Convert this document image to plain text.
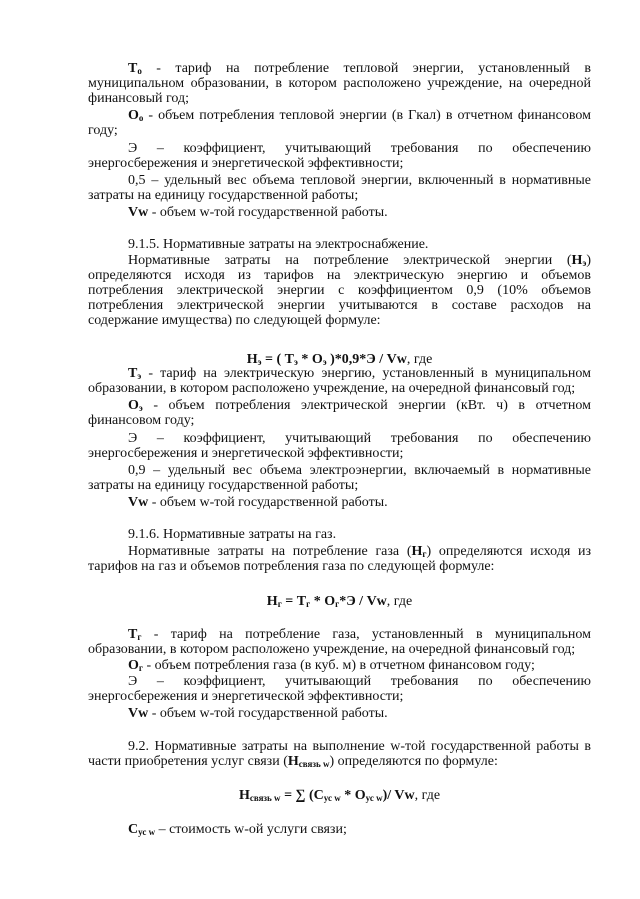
$T_о$ - тариф на потребление тепловой энергии, установленный в муниципальном образовании, в котором расположено учреждение, на очередной финансовый год;

$O_о$ - объем потребления тепловой энергии (в Гкал) в отчетном финансовом году;

Э – коэффициент, учитывающий требования по обеспечению энергосбережения и энергетической эффективности;

0,5 – удельный вес объема тепловой энергии, включенный в нормативные затраты на единицу государственной работы;

Vw - объем w-той государственной работы.

9.1.5. Нормативные затраты на электроснабжение.

Нормативные затраты на потребление электрической энергии $(Н_э)$ определяются исходя из тарифов на электрическую энергию и объемов потребления электрической энергии с коэффициентом 0,9 (10% объемов потребления электрической энергии учитываются в составе расходов на содержание имущества) по следующей формуле:

$Н_э$ = ( $Т_э * О_э$ )*0,9*Э / Vw, где

$Т_э$ - тариф на электрическую энергию, установленный в муниципальном образовании, в котором расположено учреждение, на очередной финансовый год;

$О_э$ - объем потребления электрической энергии (кВт. ч) в отчетном финансовом году;

Э – коэффициент, учитывающий требования по обеспечению энергосбережения и энергетической эффективности;

0,9 – удельный вес объема электроэнергии, включаемый в нормативные затраты на единицу государственной работы;

Vw - объем w-той государственной работы.

9.1.6. Нормативные затраты на газ.

Нормативные затраты на потребление газа $(Н_г)$ определяются исходя из тарифов на газ и объемов потребления газа по следующей формуле:

$Н_г = Т_г * О_г*Э / Vw$, где

$Т_г$ - тариф на потребление газа, установленный в муниципальном образовании, в котором расположено учреждение, на очередной финансовый год;

$О_г$ - объем потребления газа (в куб. м) в отчетном финансовом году;

Э – коэффициент, учитывающий требования по обеспечению энергосбережения и энергетической эффективности;

Vw - объем w-той государственной работы.

9.2. Нормативные затраты на выполнение w-той государственной работы в части приобретения услуг связи $(Н_{связь w})$ определяются по формуле:

$Н_{связь w}$ = ∑ $(С_{ус w} * О_{ус w})/$ Vw, где

$С_{ус w}$ – стоимость w-ой услуги связи;
